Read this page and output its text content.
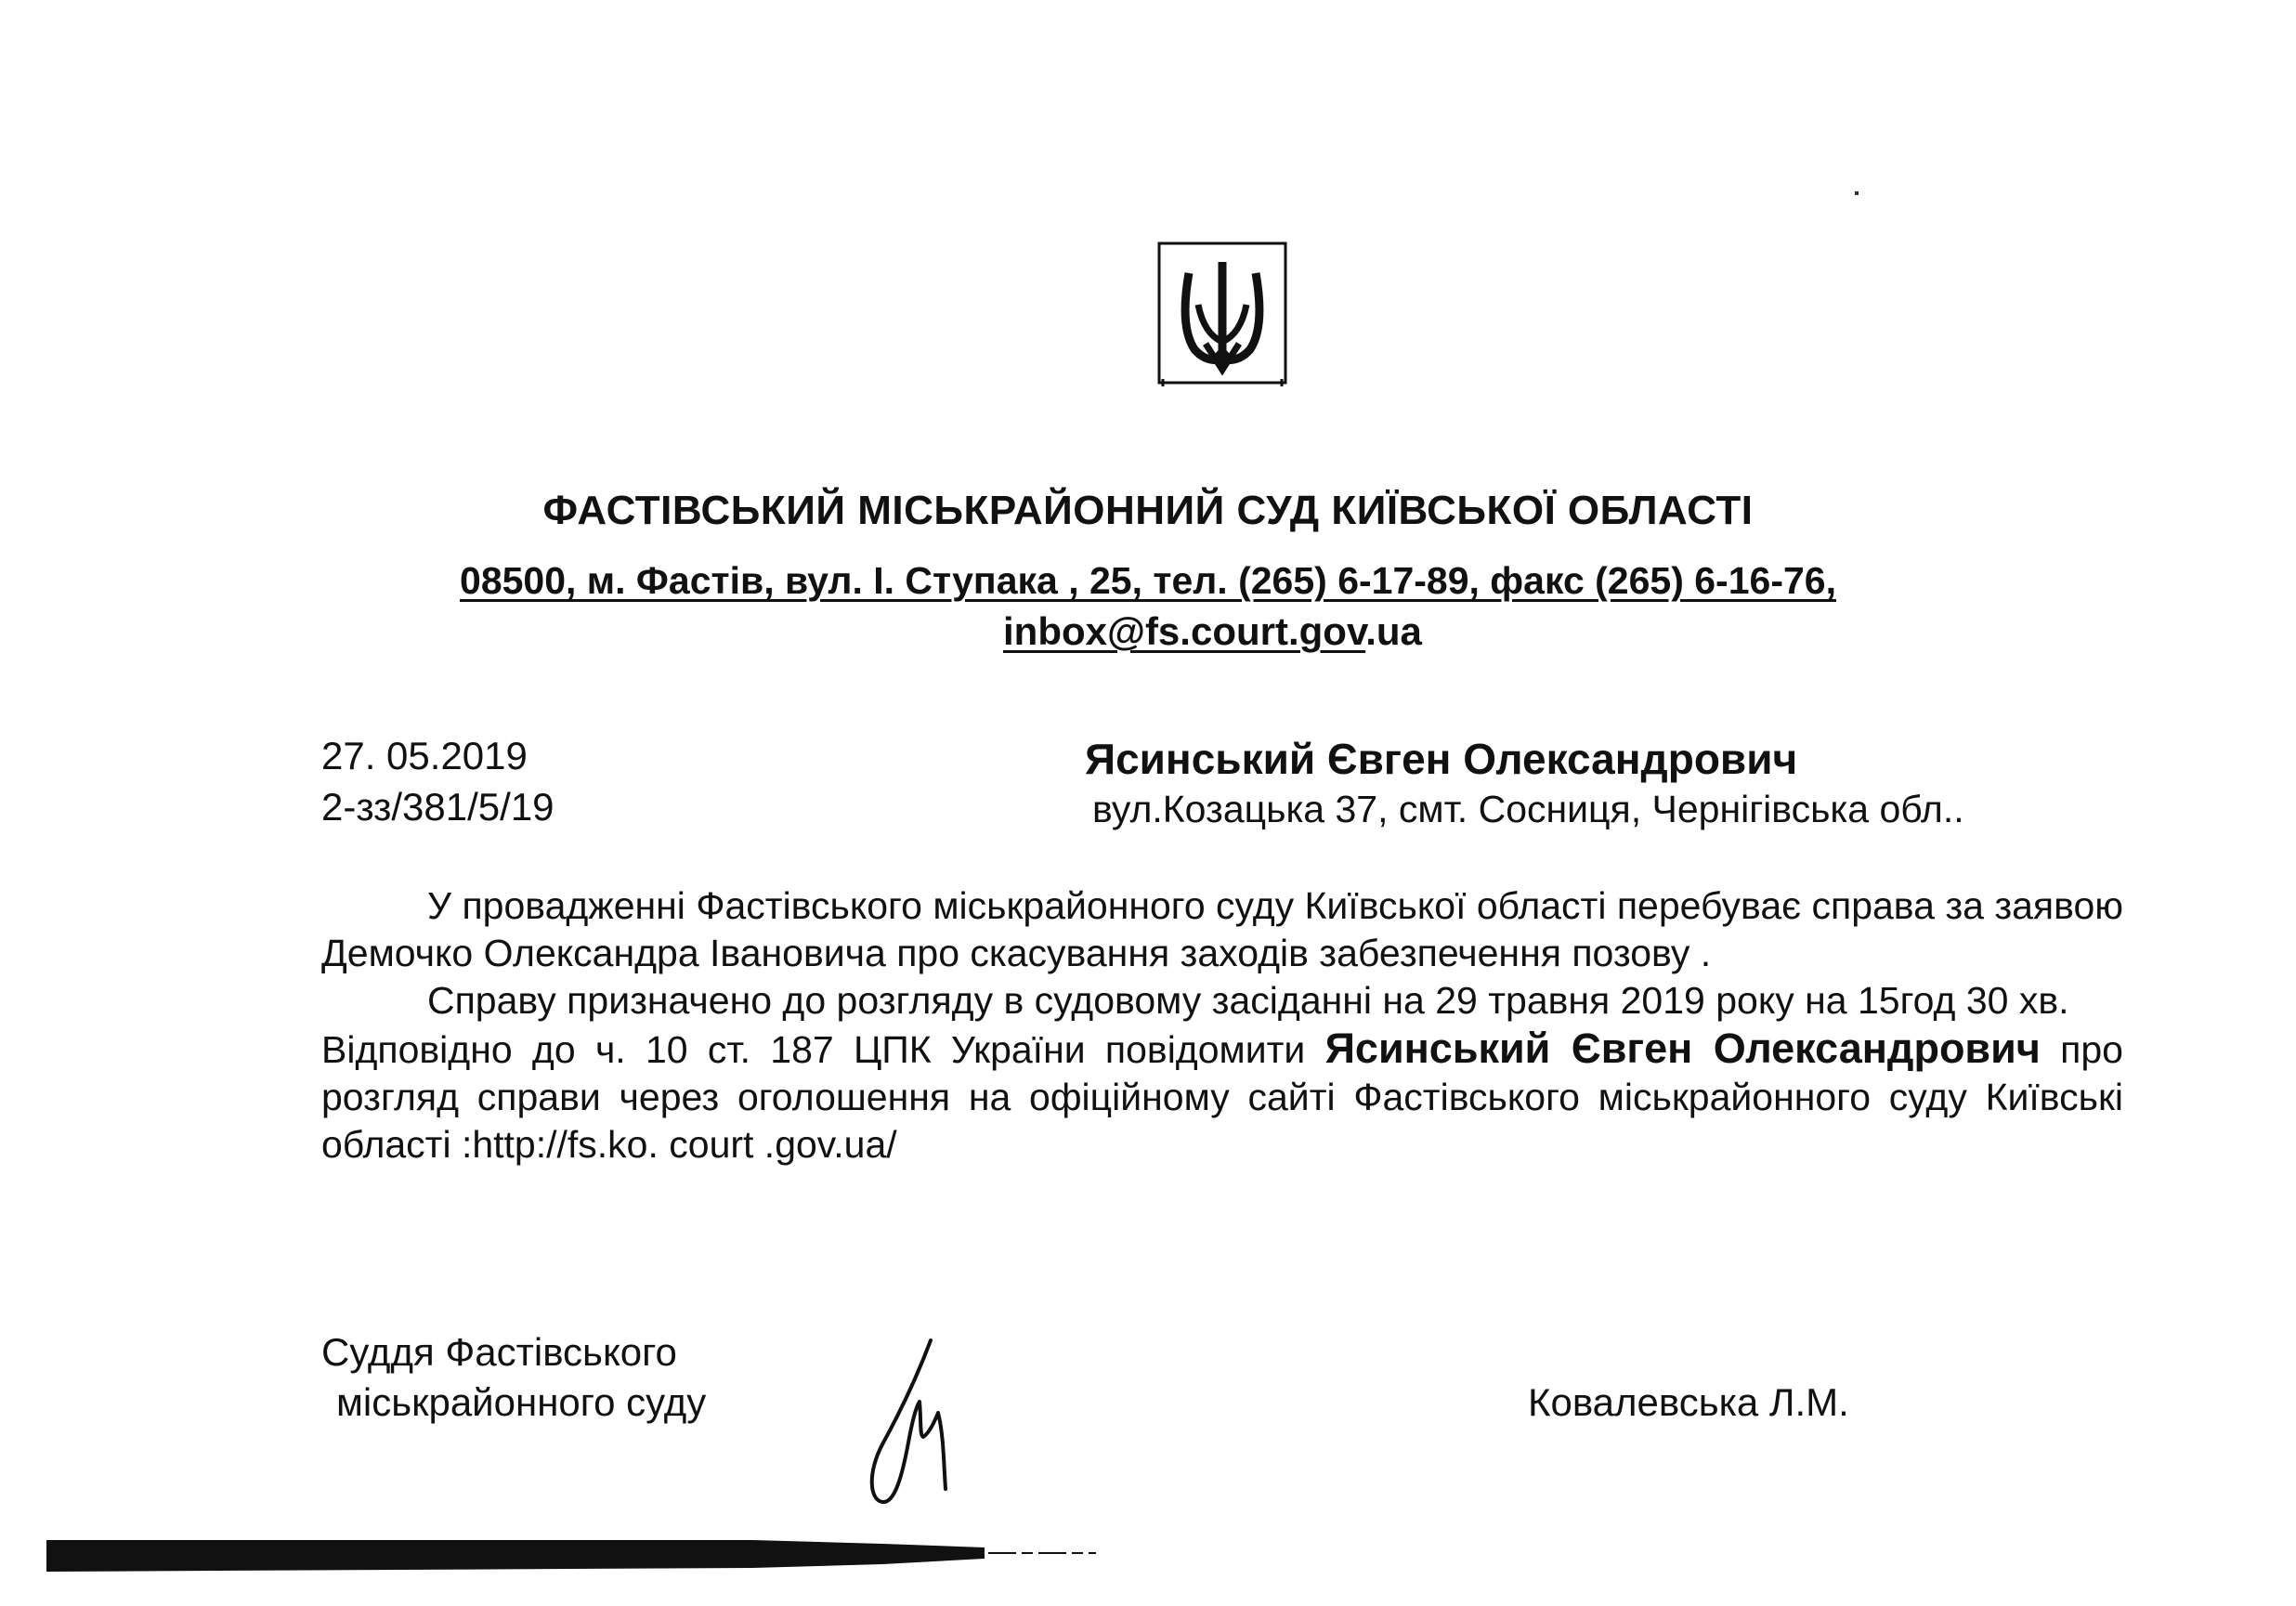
ФАСТІВСЬКИЙ МІСЬКРАЙОННИЙ СУД КИЇВСЬКОЇ ОБЛАСТІ
08500, м. Фастів, вул. І. Ступака , 25, тел. (265) 6-17-89, факс (265) 6-16-76,
inbox@fs.court.gov.ua
27. 05.2019
2-зз/381/5/19
Ясинський Євген Олександрович
вул.Козацька 37, смт. Сосниця, Чернігівська обл..

У провадженні Фастівського міськрайонного суду Київської області перебуває справа за заявою Демочко Олександра Івановича про скасування заходів забезпечення позову .

Справу призначено до розгляду в судовому засіданні на 29 травня 2019 року на 15год 30 хв.

Відповідно до ч. 10 ст. 187 ЦПК України повідомити Ясинський Євген Олександрович про розгляд справи через оголошення на офіційному сайті Фастівського міськрайонного суду Київські області :http://fs.ko. court .gov.ua/

Суддя Фастівського
міськрайонного суду	Ковалевська Л.М.
